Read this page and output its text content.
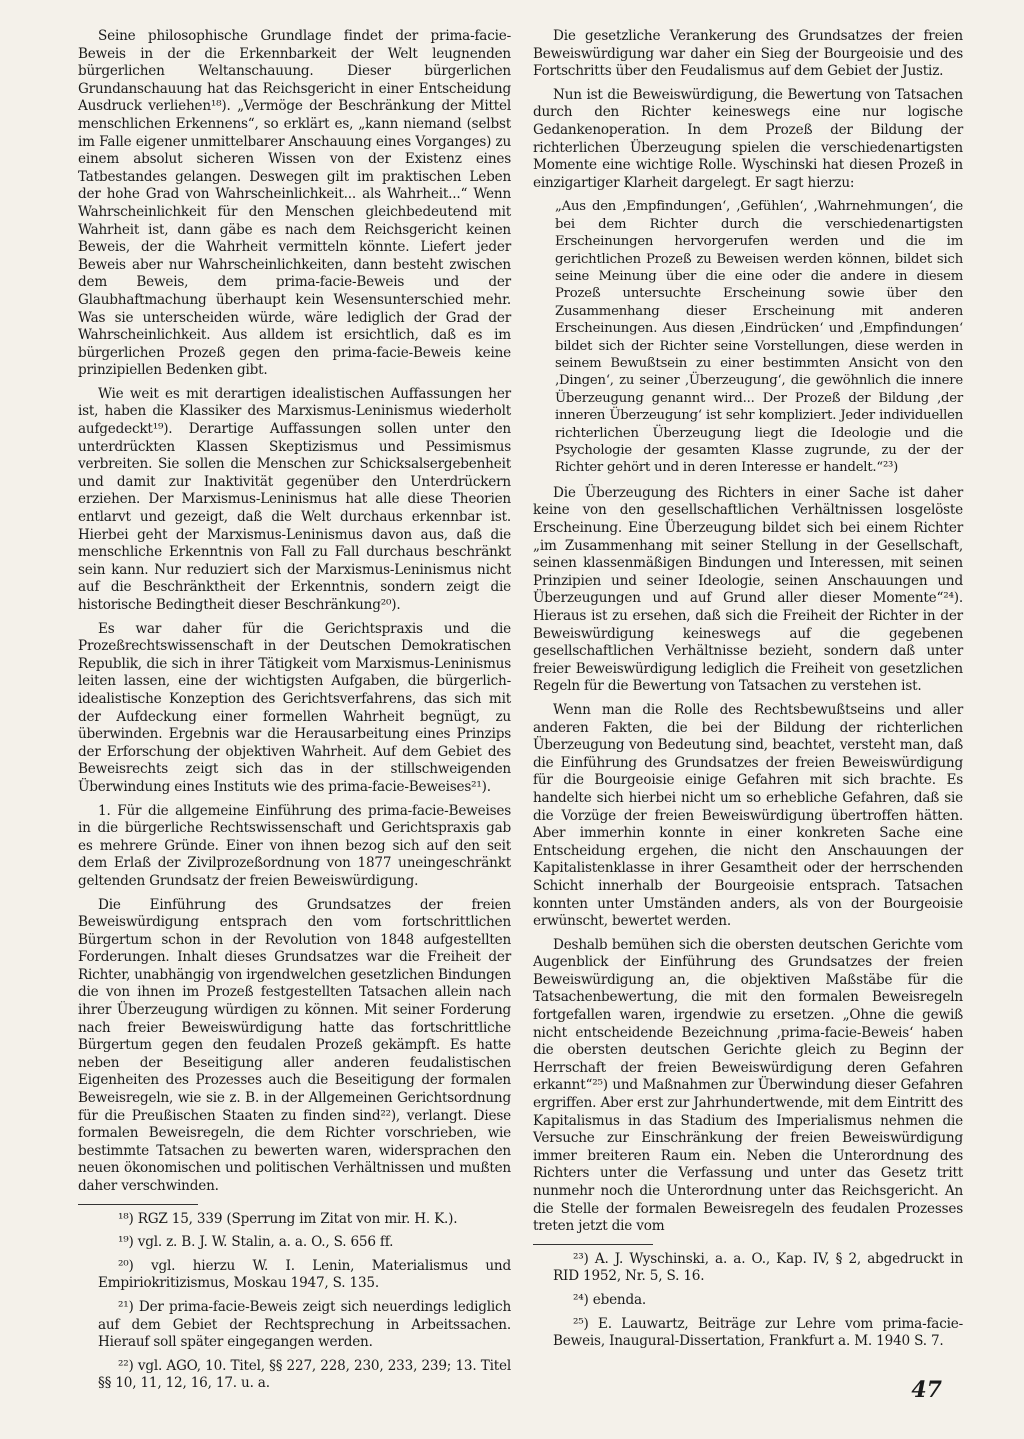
Seine philosophische Grundlage findet der prima-facie-Beweis in der die Erkennbarkeit der Welt leugnenden bürgerlichen Weltanschauung. Dieser bürgerlichen Grundanschauung hat das Reichsgericht in einer Entscheidung Ausdruck verliehen¹⁸). „Vermöge der Beschränkung der Mittel menschlichen Erkennens“, so erklärt es, „kann niemand (selbst im Falle eigener unmittelbarer Anschauung eines Vorganges) zu einem absolut sicheren Wissen von der Existenz eines Tatbestandes gelangen. Deswegen gilt im praktischen Leben der hohe Grad von Wahrscheinlichkeit... als Wahrheit...“ Wenn Wahrscheinlichkeit für den Menschen gleichbedeutend mit Wahrheit ist, dann gäbe es nach dem Reichsgericht keinen Beweis, der die Wahrheit vermitteln könnte. Liefert jeder Beweis aber nur Wahrscheinlichkeiten, dann besteht zwischen dem Beweis, dem prima-facie-Beweis und der Glaubhaftmachung überhaupt kein Wesensunterschied mehr. Was sie unterscheiden würde, wäre lediglich der Grad der Wahrscheinlichkeit. Aus alldem ist ersichtlich, daß es im bürgerlichen Prozeß gegen den prima-facie-Beweis keine prinzipiellen Bedenken gibt.

Wie weit es mit derartigen idealistischen Auffassungen her ist, haben die Klassiker des Marxismus-Leninismus wiederholt aufgedeckt¹⁹). Derartige Auffassungen sollen unter den unterdrückten Klassen Skeptizismus und Pessimismus verbreiten. Sie sollen die Menschen zur Schicksalsergebenheit und damit zur Inaktivität gegenüber den Unterdrückern erziehen. Der Marxismus-Leninismus hat alle diese Theorien entlarvt und gezeigt, daß die Welt durchaus erkennbar ist. Hierbei geht der Marxismus-Leninismus davon aus, daß die menschliche Erkenntnis von Fall zu Fall durchaus beschränkt sein kann. Nur reduziert sich der Marxismus-Leninismus nicht auf die Beschränktheit der Erkenntnis, sondern zeigt die historische Bedingtheit dieser Beschränkung²⁰).

Es war daher für die Gerichtspraxis und die Prozeßrechtswissenschaft in der Deutschen Demokratischen Republik, die sich in ihrer Tätigkeit vom Marxismus-Leninismus leiten lassen, eine der wichtigsten Aufgaben, die bürgerlich-idealistische Konzeption des Gerichtsverfahrens, das sich mit der Aufdeckung einer formellen Wahrheit begnügt, zu überwinden. Ergebnis war die Herausarbeitung eines Prinzips der Erforschung der objektiven Wahrheit. Auf dem Gebiet des Beweisrechts zeigt sich das in der stillschweigenden Überwindung eines Instituts wie des prima-facie-Beweises²¹).

1. Für die allgemeine Einführung des prima-facie-Beweises in die bürgerliche Rechtswissenschaft und Gerichtspraxis gab es mehrere Gründe. Einer von ihnen bezog sich auf den seit dem Erlaß der Zivilprozeßordnung von 1877 uneingeschränkt geltenden Grundsatz der freien Beweiswürdigung.

Die Einführung des Grundsatzes der freien Beweiswürdigung entsprach den vom fortschrittlichen Bürgertum schon in der Revolution von 1848 aufgestellten Forderungen. Inhalt dieses Grundsatzes war die Freiheit der Richter, unabhängig von irgendwelchen gesetzlichen Bindungen die von ihnen im Prozeß festgestellten Tatsachen allein nach ihrer Überzeugung würdigen zu können. Mit seiner Forderung nach freier Beweiswürdigung hatte das fortschrittliche Bürgertum gegen den feudalen Prozeß gekämpft. Es hatte neben der Beseitigung aller anderen feudalistischen Eigenheiten des Prozesses auch die Beseitigung der formalen Beweisregeln, wie sie z. B. in der Allgemeinen Gerichtsordnung für die Preußischen Staaten zu finden sind²²), verlangt. Diese formalen Beweisregeln, die dem Richter vorschrieben, wie bestimmte Tatsachen zu bewerten waren, widersprachen den neuen ökonomischen und politischen Verhältnissen und mußten daher verschwinden.

¹⁸) RGZ 15, 339 (Sperrung im Zitat von mir. H. K.).

¹⁹) vgl. z. B. J. W. Stalin, a. a. O., S. 656 ff.

²⁰) vgl. hierzu W. I. Lenin, Materialismus und Empiriokritizismus, Moskau 1947, S. 135.

²¹) Der prima-facie-Beweis zeigt sich neuerdings lediglich auf dem Gebiet der Rechtsprechung in Arbeitssachen. Hierauf soll später eingegangen werden.

²²) vgl. AGO, 10. Titel, §§ 227, 228, 230, 233, 239; 13. Titel §§ 10, 11, 12, 16, 17. u. a.

Die gesetzliche Verankerung des Grundsatzes der freien Beweiswürdigung war daher ein Sieg der Bourgeoisie und des Fortschritts über den Feudalismus auf dem Gebiet der Justiz.

Nun ist die Beweiswürdigung, die Bewertung von Tatsachen durch den Richter keineswegs eine nur logische Gedankenoperation. In dem Prozeß der Bildung der richterlichen Überzeugung spielen die verschiedenartigsten Momente eine wichtige Rolle. Wyschinski hat diesen Prozeß in einzigartiger Klarheit dargelegt. Er sagt hierzu:

„Aus den ‚Empfindungen‘, ‚Gefühlen‘, ‚Wahrnehmungen‘, die bei dem Richter durch die verschiedenartigsten Erscheinungen hervorgerufen werden und die im gerichtlichen Prozeß zu Beweisen werden können, bildet sich seine Meinung über die eine oder die andere in diesem Prozeß untersuchte Erscheinung sowie über den Zusammenhang dieser Erscheinung mit anderen Erscheinungen. Aus diesen ‚Eindrücken‘ und ‚Empfindungen‘ bildet sich der Richter seine Vorstellungen, diese werden in seinem Bewußtsein zu einer bestimmten Ansicht von den ‚Dingen‘, zu seiner ‚Überzeugung‘, die gewöhnlich die innere Überzeugung genannt wird... Der Prozeß der Bildung ‚der inneren Überzeugung‘ ist sehr kompliziert. Jeder individuellen richterlichen Überzeugung liegt die Ideologie und die Psychologie der gesamten Klasse zugrunde, zu der der Richter gehört und in deren Interesse er handelt.“²³)

Die Überzeugung des Richters in einer Sache ist daher keine von den gesellschaftlichen Verhältnissen losgelöste Erscheinung. Eine Überzeugung bildet sich bei einem Richter „im Zusammenhang mit seiner Stellung in der Gesellschaft, seinen klassenmäßigen Bindungen und Interessen, mit seinen Prinzipien und seiner Ideologie, seinen Anschauungen und Überzeugungen und auf Grund aller dieser Momente“²⁴). Hieraus ist zu ersehen, daß sich die Freiheit der Richter in der Beweiswürdigung keineswegs auf die gegebenen gesellschaftlichen Verhältnisse bezieht, sondern daß unter freier Beweiswürdigung lediglich die Freiheit von gesetzlichen Regeln für die Bewertung von Tatsachen zu verstehen ist.

Wenn man die Rolle des Rechtsbewußtseins und aller anderen Fakten, die bei der Bildung der richterlichen Überzeugung von Bedeutung sind, beachtet, versteht man, daß die Einführung des Grundsatzes der freien Beweiswürdigung für die Bourgeoisie einige Gefahren mit sich brachte. Es handelte sich hierbei nicht um so erhebliche Gefahren, daß sie die Vorzüge der freien Beweiswürdigung übertroffen hätten. Aber immerhin konnte in einer konkreten Sache eine Entscheidung ergehen, die nicht den Anschauungen der Kapitalistenklasse in ihrer Gesamtheit oder der herrschenden Schicht innerhalb der Bourgeoisie entsprach. Tatsachen konnten unter Umständen anders, als von der Bourgeoisie erwünscht, bewertet werden.

Deshalb bemühen sich die obersten deutschen Gerichte vom Augenblick der Einführung des Grundsatzes der freien Beweiswürdigung an, die objektiven Maßstäbe für die Tatsachenbewertung, die mit den formalen Beweisregeln fortgefallen waren, irgendwie zu ersetzen. „Ohne die gewiß nicht entscheidende Bezeichnung ‚prima-facie-Beweis‘ haben die obersten deutschen Gerichte gleich zu Beginn der Herrschaft der freien Beweiswürdigung deren Gefahren erkannt“²⁵) und Maßnahmen zur Überwindung dieser Gefahren ergriffen. Aber erst zur Jahrhundertwende, mit dem Eintritt des Kapitalismus in das Stadium des Imperialismus nehmen die Versuche zur Einschränkung der freien Beweiswürdigung immer breiteren Raum ein. Neben die Unterordnung des Richters unter die Verfassung und unter das Gesetz tritt nunmehr noch die Unterordnung unter das Reichsgericht. An die Stelle der formalen Beweisregeln des feudalen Prozesses treten jetzt die vom

²³) A. J. Wyschinski, a. a. O., Kap. IV, § 2, abgedruckt in RID 1952, Nr. 5, S. 16.

²⁴) ebenda.

²⁵) E. Lauwartz, Beiträge zur Lehre vom prima-facie-Beweis, Inaugural-Dissertation, Frankfurt a. M. 1940 S. 7.

47
